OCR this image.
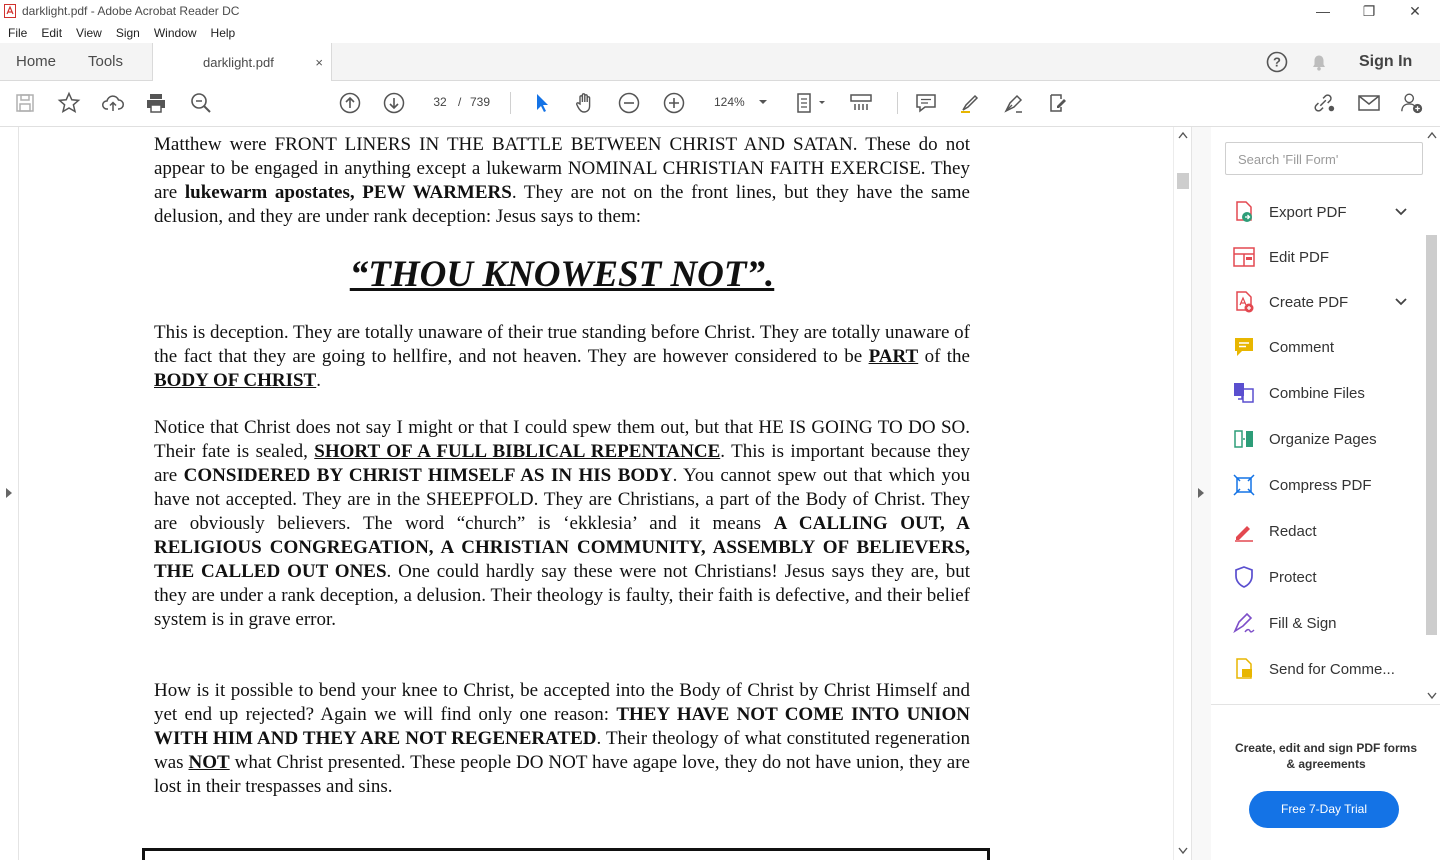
darklight.pdf - Adobe Acrobat Reader DC	—	❐	✕
File	Edit	View	Sign	Window	Help
Home Tools	darklight.pdf	×	?	Sign In
32 / 739	124%

Matthew were FRONT LINERS IN THE BATTLE BETWEEN CHRIST AND SATAN. These do not appear to be engaged in anything except a lukewarm NOMINAL CHRISTIAN FAITH EXERCISE. They are lukewarm apostates, PEW WARMERS. They are not on the front lines, but they have the same delusion, and they are under rank deception: Jesus says to them:

“THOU KNOWEST NOT”.

This is deception. They are totally unaware of their true standing before Christ. They are totally unaware of the fact that they are going to hellfire, and not heaven. They are however considered to be PART of the BODY OF CHRIST.

Notice that Christ does not say I might or that I could spew them out, but that HE IS GOING TO DO SO. Their fate is sealed, SHORT OF A FULL BIBLICAL REPENTANCE. This is important because they are CONSIDERED BY CHRIST HIMSELF AS IN HIS BODY. You cannot spew out that which you have not accepted. They are in the SHEEPFOLD. They are Christians, a part of the Body of Christ. They are obviously believers. The word “church” is ‘ekklesia’ and it means A CALLING OUT, A RELIGIOUS CONGREGATION, A CHRISTIAN COMMUNITY, ASSEMBLY OF BELIEVERS, THE CALLED OUT ONES. One could hardly say these were not Christians! Jesus says they are, but they are under a rank deception, a delusion. Their theology is faulty, their faith is defective, and their belief system is in grave error.

How is it possible to bend your knee to Christ, be accepted into the Body of Christ by Christ Himself and yet end up rejected? Again we will find only one reason: THEY HAVE NOT COME INTO UNION WITH HIM AND THEY ARE NOT REGENERATED. Their theology of what constituted regeneration was NOT what Christ presented. These people DO NOT have agape love, they do not have union, they are lost in their trespasses and sins.

Search 'Fill Form'
Export PDF
Edit PDF
Create PDF
Comment
Combine Files
Organize Pages
Compress PDF
Redact
Protect
Fill & Sign
Send for Comme...
Create, edit and sign PDF forms & agreements
Free 7-Day Trial
